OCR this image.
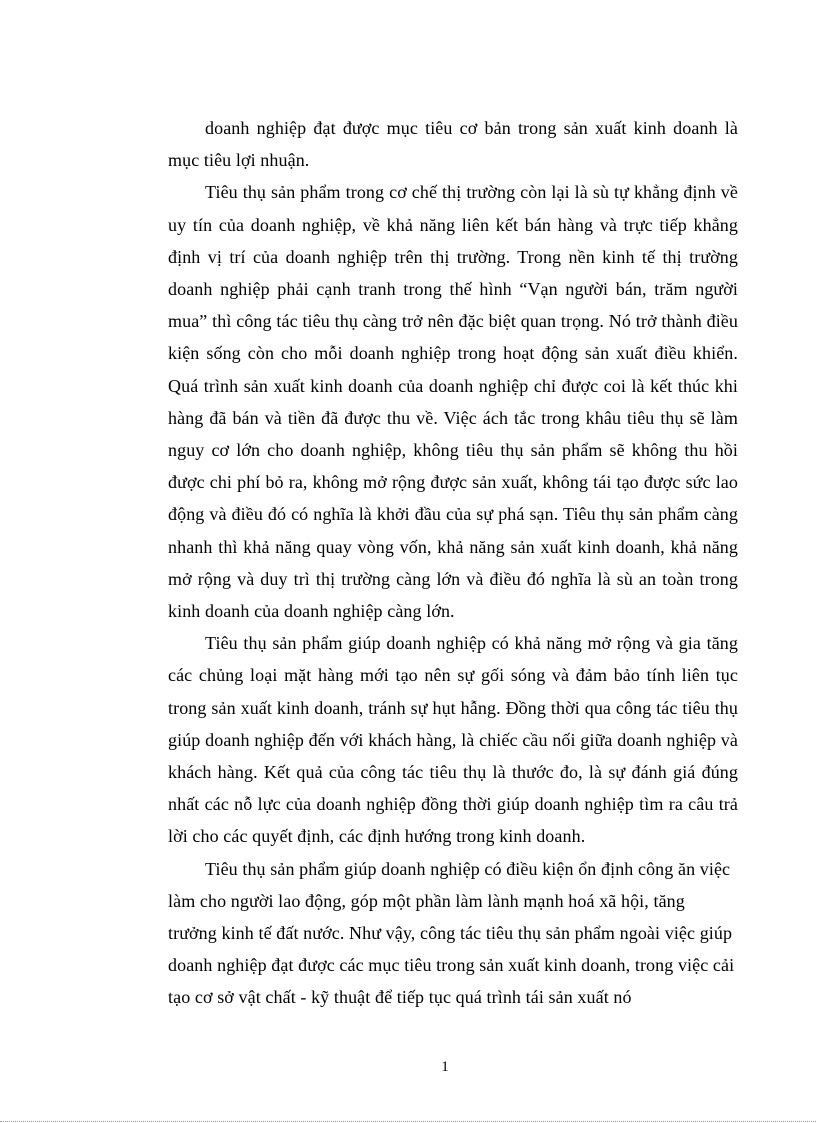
doanh nghiệp đạt được mục tiêu cơ bản trong sản xuất kinh doanh là mục tiêu lợi nhuận.

Tiêu thụ sản phẩm trong cơ chế thị trường còn lại là sù tự khẳng định về uy tín của doanh nghiệp, về khả năng liên kết bán hàng và trực tiếp khẳng định vị trí của doanh nghiệp trên thị trường. Trong nền kinh tế thị trường doanh nghiệp phải cạnh tranh trong thế hình “Vạn người bán, trăm người mua” thì công tác tiêu thụ càng trở nên đặc biệt quan trọng. Nó trở thành điều kiện sống còn cho mỗi doanh nghiệp trong hoạt động sản xuất điều khiển. Quá trình sản xuất kinh doanh của doanh nghiệp chỉ được coi là kết thúc khi hàng đã bán và tiền đã được thu về. Việc ách tắc trong khâu tiêu thụ sẽ làm nguy cơ lớn cho doanh nghiệp, không tiêu thụ sản phẩm sẽ không thu hồi được chi phí bỏ ra, không mở rộng được sản xuất, không tái tạo được sức lao động và điều đó có nghĩa là khởi đầu của sự phá sạn. Tiêu thụ sản phẩm càng nhanh thì khả năng quay vòng vốn, khả năng sản xuất kinh doanh, khả năng mở rộng và duy trì thị trường càng lớn và điều đó nghĩa là sù an toàn trong kinh doanh của doanh nghiệp càng lớn.

Tiêu thụ sản phẩm giúp doanh nghiệp có khả năng mở rộng và gia tăng các chủng loại mặt hàng mới tạo nên sự gối sóng và đảm bảo tính liên tục trong sản xuất kinh doanh, tránh sự hụt hẫng. Đồng thời qua công tác tiêu thụ giúp doanh nghiệp đến với khách hàng, là chiếc cầu nối giữa doanh nghiệp và khách hàng. Kết quả của công tác tiêu thụ là thước đo, là sự đánh giá đúng nhất các nỗ lực của doanh nghiệp đồng thời giúp doanh nghiệp tìm ra câu trả lời cho các quyết định, các định hướng trong kinh doanh.

Tiêu thụ sản phẩm giúp doanh nghiệp có điều kiện ổn định công ăn việc làm cho người lao động, góp một phần làm lành mạnh hoá xã hội, tăng trưởng kinh tế đất nước. Như vậy, công tác tiêu thụ sản phẩm ngoài việc giúp doanh nghiệp đạt được các mục tiêu trong sản xuất kinh doanh, trong việc cải tạo cơ sở vật chất - kỹ thuật để tiếp tục quá trình tái sản xuất nó

1
